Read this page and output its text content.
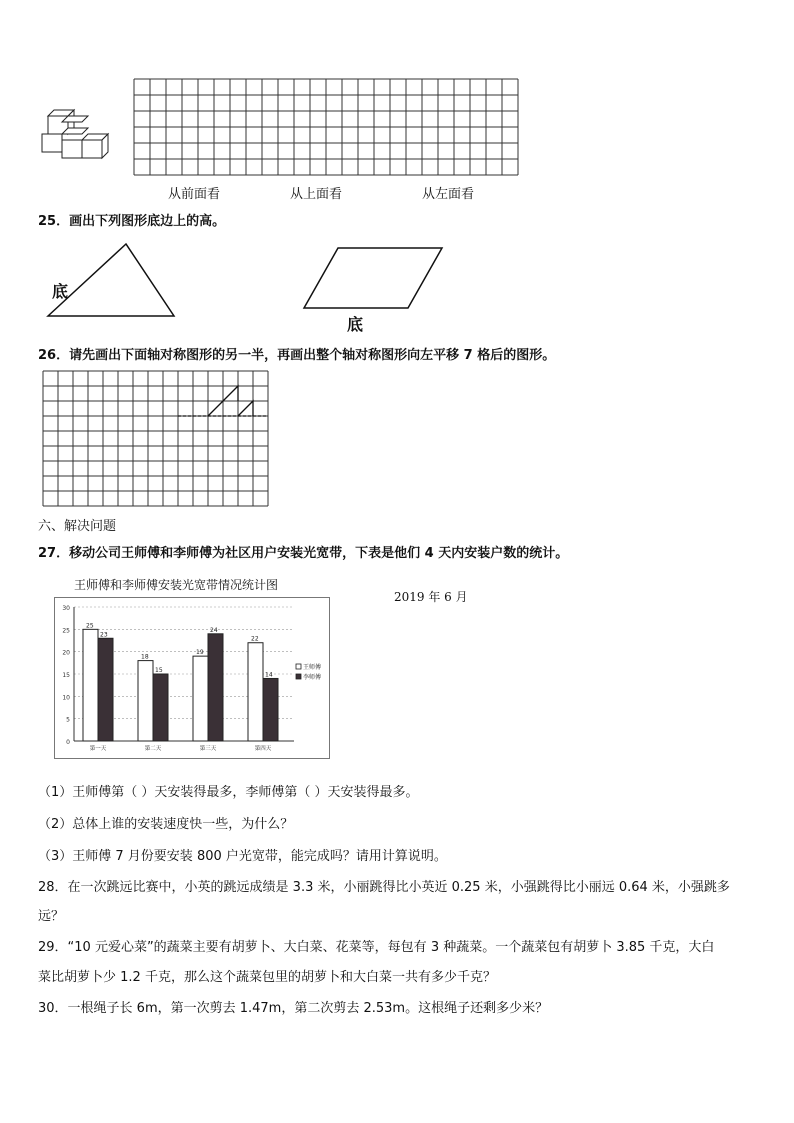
从前面看	从上面看	从左面看
25．画出下列图形底边上的高。
底
底
26．请先画出下面轴对称图形的另一半，再画出整个轴对称图形向左平移 7 格后的图形。
六、解决问题
27．移动公司王师傅和李师傅为社区用户安装光宽带，下表是他们 4 天内安装户数的统计。
王师傅和李师傅安装光宽带情况统计图
2019 年 6 月
0
5
10
15
20
25
30
25
23
第一天
18
15
第二天
19
24
第三天
22
14
第四天
王师傅
李师傅
（1）王师傅第（ ）天安装得最多，李师傅第（ ）天安装得最多。
（2）总体上谁的安装速度快一些，为什么？
（3）王师傅 7 月份要安装 800 户光宽带，能完成吗？请用计算说明。
28．在一次跳远比赛中，小英的跳远成绩是 3.3 米，小丽跳得比小英近 0.25 米，小强跳得比小丽远 0.64 米，小强跳多
远？
29．“10 元爱心菜”的蔬菜主要有胡萝卜、大白菜、花菜等，每包有 3 种蔬菜。一个蔬菜包有胡萝卜 3.85 千克，大白
菜比胡萝卜少 1.2 千克，那么这个蔬菜包里的胡萝卜和大白菜一共有多少千克？
30．一根绳子长 6m，第一次剪去 1.47m，第二次剪去 2.53m。这根绳子还剩多少米？
